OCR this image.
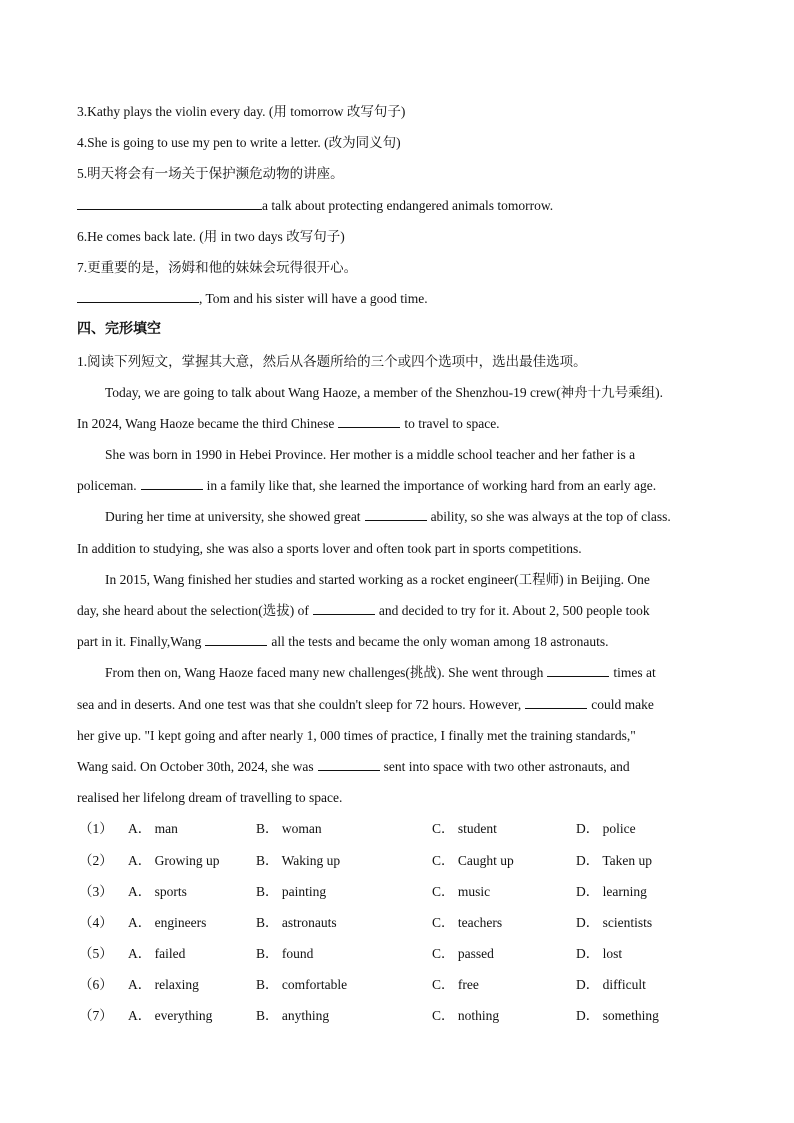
3.Kathy plays the violin every day. (用 tomorrow 改写句子)
4.She is going to use my pen to write a letter. (改为同义句)
5.明天将会有一场关于保护濒危动物的讲座。
a talk about protecting endangered animals tomorrow.
6.He comes back late. (用 in two days 改写句子)
7.更重要的是，汤姆和他的妹妹会玩得很开心。
, Tom and his sister will have a good time.
四、完形填空
1.阅读下列短文，掌握其大意，然后从各题所给的三个或四个选项中，选出最佳选项。
Today, we are going to talk about Wang Haoze, a member of the Shenzhou-19 crew(神舟十九号乘组).
In 2024, Wang Haoze became the third Chinese	to travel to space.
She was born in 1990 in Hebei Province. Her mother is a middle school teacher and her father is a
policeman.	in a family like that, she learned the importance of working hard from an early age.
During her time at university, she showed great	ability, so she was always at the top of class.
In addition to studying, she was also a sports lover and often took part in sports competitions.
In 2015, Wang finished her studies and started working as a rocket engineer(工程师) in Beijing. One
day, she heard about the selection(选拔) of	and decided to try for it. About 2, 500 people took
part in it. Finally,Wang	all the tests and became the only woman among 18 astronauts.
From then on, Wang Haoze faced many new challenges(挑战). She went through	times at
sea and in deserts. And one test was that she couldn't sleep for 72 hours. However,	could make
her give up. "I kept going and after nearly 1, 000 times of practice, I finally met the training standards,"
Wang said. On October 30th, 2024, she was	sent into space with two other astronauts, and
realised her lifelong dream of travelling to space.
（1） A． man	B． woman	C． student	D． police
（2） A． Growing up	B． Waking up	C． Caught up	D． Taken up
（3） A． sports	B． painting	C． music	D． learning
（4） A． engineers	B． astronauts	C． teachers	D． scientists
（5） A． failed	B． found	C． passed	D． lost
（6） A． relaxing	B． comfortable	C． free	D． difficult
（7） A． everything	B． anything	C． nothing	D． something
